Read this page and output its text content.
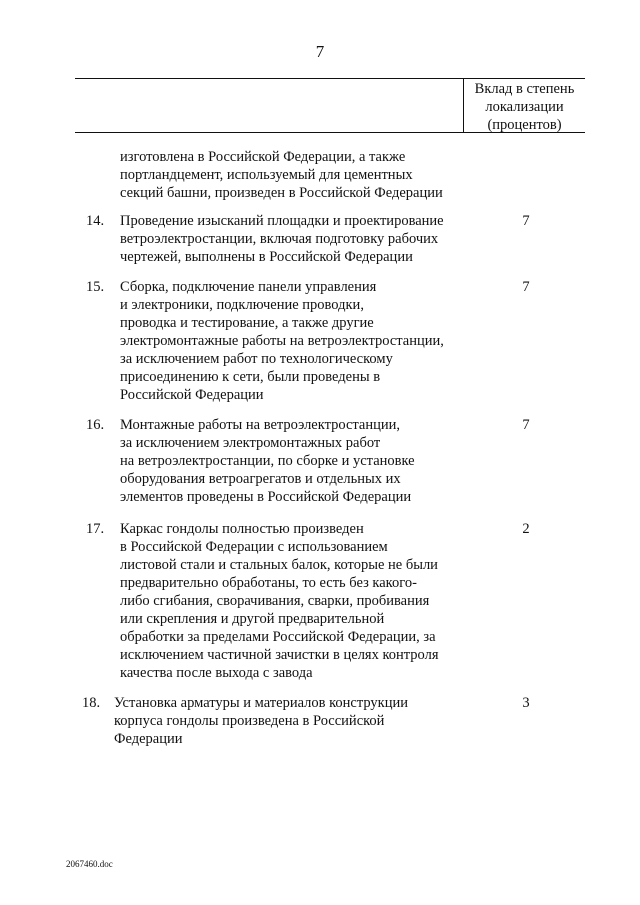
7
Вклад в степень
локализации
(процентов)
изготовлена в Российской Федерации, а также
портландцемент, используемый для цементных
секций башни, произведен в Российской Федерации
14. Проведение изысканий площадки и проектирование
ветроэлектростанции, включая подготовку рабочих
чертежей, выполнены в Российской Федерации
7
15. Сборка, подключение панели управления
и электроники, подключение проводки,
проводка и тестирование, а также другие
электромонтажные работы на ветроэлектростанции,
за исключением работ по технологическому
присоединению к сети, были проведены в
Российской Федерации
7
16. Монтажные работы на ветроэлектростанции,
за исключением электромонтажных работ
на ветроэлектростанции, по сборке и установке
оборудования ветроагрегатов и отдельных их
элементов проведены в Российской Федерации
7
17. Каркас гондолы полностью произведен
в Российской Федерации с использованием
листовой стали и стальных балок, которые не были
предварительно обработаны, то есть без какого-
либо сгибания, сворачивания, сварки, пробивания
или скрепления и другой предварительной
обработки за пределами Российской Федерации, за
исключением частичной зачистки в целях контроля
качества после выхода с завода
2
18. Установка арматуры и материалов конструкции
корпуса гондолы произведена в Российской
Федерации
3
2067460.doc
